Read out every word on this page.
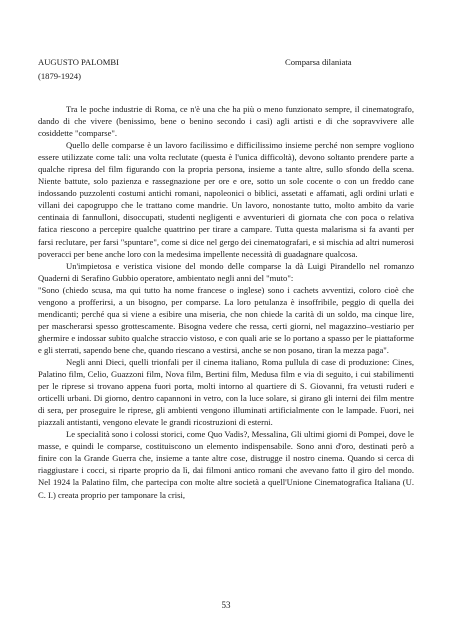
AUGUSTO PALOMBI
(1879-1924)
Comparsa dilaniata

Tra le poche industrie di Roma, ce n'è una che ha più o meno funzionato sempre, il cinematografo, dando di che vivere (benissimo, bene o benino secondo i casi) agli artisti e di che sopravvivere alle cosiddette "comparse".

Quello delle comparse è un lavoro facilissimo e difficilissimo insieme perché non sempre vogliono essere utilizzate come tali: una volta reclutate (questa è l'unica difficoltà), devono soltanto prendere parte a qualche ripresa del film figurando con la propria persona, insieme a tante altre, sullo sfondo della scena. Niente battute, solo pazienza e rassegnazione per ore e ore, sotto un sole cocente o con un freddo cane indossando puzzolenti costumi antichi romani, napoleonici o biblici, assetati e affamati, agli ordini urlati e villani dei capogruppo che le trattano come mandrie. Un lavoro, nonostante tutto, molto ambito da varie centinaia di fannulloni, disoccupati, studenti negligenti e avventurieri di giornata che con poca o relativa fatica riescono a percepire qualche quattrino per tirare a campare. Tutta questa malarisma si fa avanti per farsi reclutare, per farsi "spuntare", come si dice nel gergo dei cinematografari, e si mischia ad altri numerosi poveracci per bene anche loro con la medesima impellente necessità di guadagnare qualcosa.

Un'impietosa e veristica visione del mondo delle comparse la dà Luigi Pirandello nel romanzo Quaderni di Serafino Gubbio operatore, ambientato negli anni del "muto":

"Sono (chiedo scusa, ma qui tutto ha nome francese o inglese) sono i cachets avventizi, coloro cioè che vengono a profferirsi, a un bisogno, per comparse. La loro petulanza è insoffribile, peggio di quella dei mendicanti; perché qua si viene a esibire una miseria, che non chiede la carità di un soldo, ma cinque lire, per mascherarsi spesso grottescamente. Bisogna vedere che ressa, certi giorni, nel magazzino–vestiario per ghermire e indossar subito qualche straccio vistoso, e con quali arie se lo portano a spasso per le piattaforme e gli sterrati, sapendo bene che, quando riescano a vestirsi, anche se non posano, tiran la mezza paga".

Negli anni Dieci, quelli trionfali per il cinema italiano, Roma pullula di case di produzione: Cines, Palatino film, Celio, Guazzoni film, Nova film, Bertini film, Medusa film e via di seguito, i cui stabilimenti per le riprese si trovano appena fuori porta, molti intorno al quartiere di S. Giovanni, fra vetusti ruderi e orticelli urbani. Di giorno, dentro capannoni in vetro, con la luce solare, si girano gli interni dei film mentre di sera, per proseguire le riprese, gli ambienti vengono illuminati artificialmente con le lampade. Fuori, nei piazzali antistanti, vengono elevate le grandi ricostruzioni di esterni.

Le specialità sono i colossi storici, come Quo Vadis?, Messalina, Gli ultimi giorni di Pompei, dove le masse, e quindi le comparse, costituiscono un elemento indispensabile. Sono anni d'oro, destinati però a finire con la Grande Guerra che, insieme a tante altre cose, distrugge il nostro cinema. Quando si cerca di riaggiustare i cocci, si riparte proprio da lì, dai filmoni antico romani che avevano fatto il giro del mondo. Nel 1924 la Palatino film, che partecipa con molte altre società a quell'Unione Cinematografica Italiana (U. C. I.) creata proprio per tamponare la crisi,

53
